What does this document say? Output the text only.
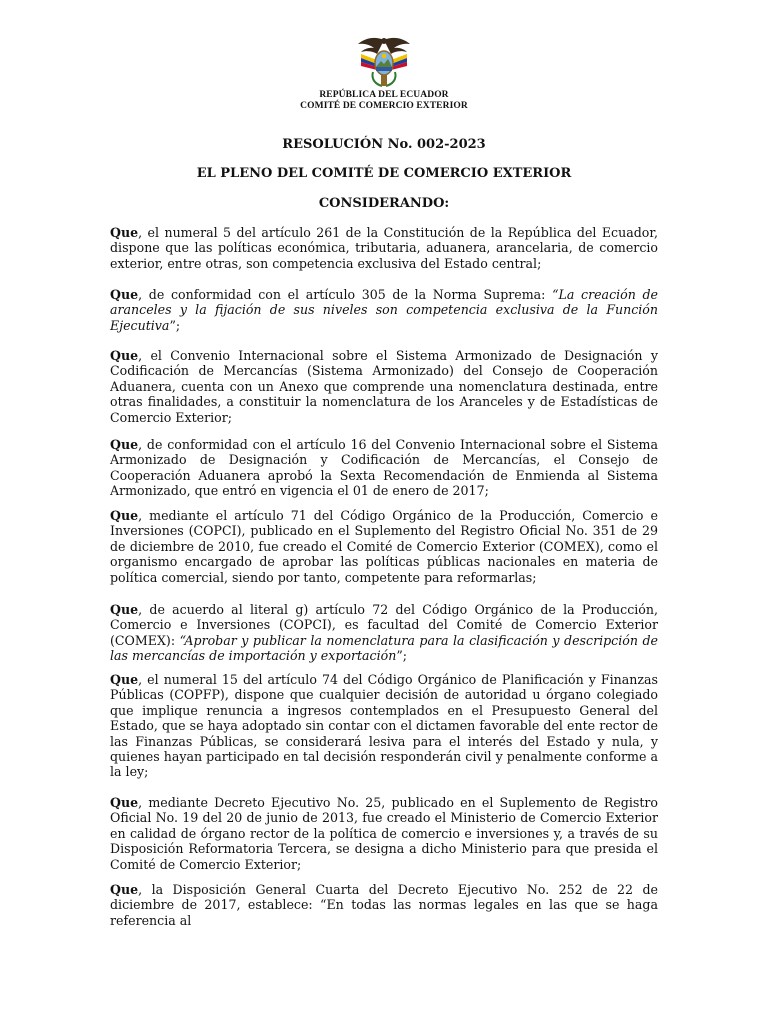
REPÚBLICA DEL ECUADOR
COMITÉ DE COMERCIO EXTERIOR
RESOLUCIÓN No. 002-2023
EL PLENO DEL COMITÉ DE COMERCIO EXTERIOR
CONSIDERANDO:
Que, el numeral 5 del artículo 261 de la Constitución de la República del Ecuador, dispone que las políticas económica, tributaria, aduanera, arancelaria, de comercio exterior, entre otras, son competencia exclusiva del Estado central;
Que, de conformidad con el artículo 305 de la Norma Suprema: “La creación de aranceles y la fijación de sus niveles son competencia exclusiva de la Función Ejecutiva”;
Que, el Convenio Internacional sobre el Sistema Armonizado de Designación y Codificación de Mercancías (Sistema Armonizado) del Consejo de Cooperación Aduanera, cuenta con un Anexo que comprende una nomenclatura destinada, entre otras finalidades, a constituir la nomenclatura de los Aranceles y de Estadísticas de Comercio Exterior;
Que, de conformidad con el artículo 16 del Convenio Internacional sobre el Sistema Armonizado de Designación y Codificación de Mercancías, el Consejo de Cooperación Aduanera aprobó la Sexta Recomendación de Enmienda al Sistema Armonizado, que entró en vigencia el 01 de enero de 2017;
Que, mediante el artículo 71 del Código Orgánico de la Producción, Comercio e Inversiones (COPCI), publicado en el Suplemento del Registro Oficial No. 351 de 29 de diciembre de 2010, fue creado el Comité de Comercio Exterior (COMEX), como el organismo encargado de aprobar las políticas públicas nacionales en materia de política comercial, siendo por tanto, competente para reformarlas;
Que, de acuerdo al literal g) artículo 72 del Código Orgánico de la Producción, Comercio e Inversiones (COPCI), es facultad del Comité de Comercio Exterior (COMEX): “Aprobar y publicar la nomenclatura para la clasificación y descripción de las mercancías de importación y exportación”;
Que, el numeral 15 del artículo 74 del Código Orgánico de Planificación y Finanzas Públicas (COPFP), dispone que cualquier decisión de autoridad u órgano colegiado que implique renuncia a ingresos contemplados en el Presupuesto General del Estado, que se haya adoptado sin contar con el dictamen favorable del ente rector de las Finanzas Públicas, se considerará lesiva para el interés del Estado y nula, y quienes hayan participado en tal decisión responderán civil y penalmente conforme a la ley;
Que, mediante Decreto Ejecutivo No. 25, publicado en el Suplemento de Registro Oficial No. 19 del 20 de junio de 2013, fue creado el Ministerio de Comercio Exterior en calidad de órgano rector de la política de comercio e inversiones y, a través de su Disposición Reformatoria Tercera, se designa a dicho Ministerio para que presida el Comité de Comercio Exterior;
Que, la Disposición General Cuarta del Decreto Ejecutivo No. 252 de 22 de diciembre de 2017, establece: “En todas las normas legales en las que se haga referencia al
